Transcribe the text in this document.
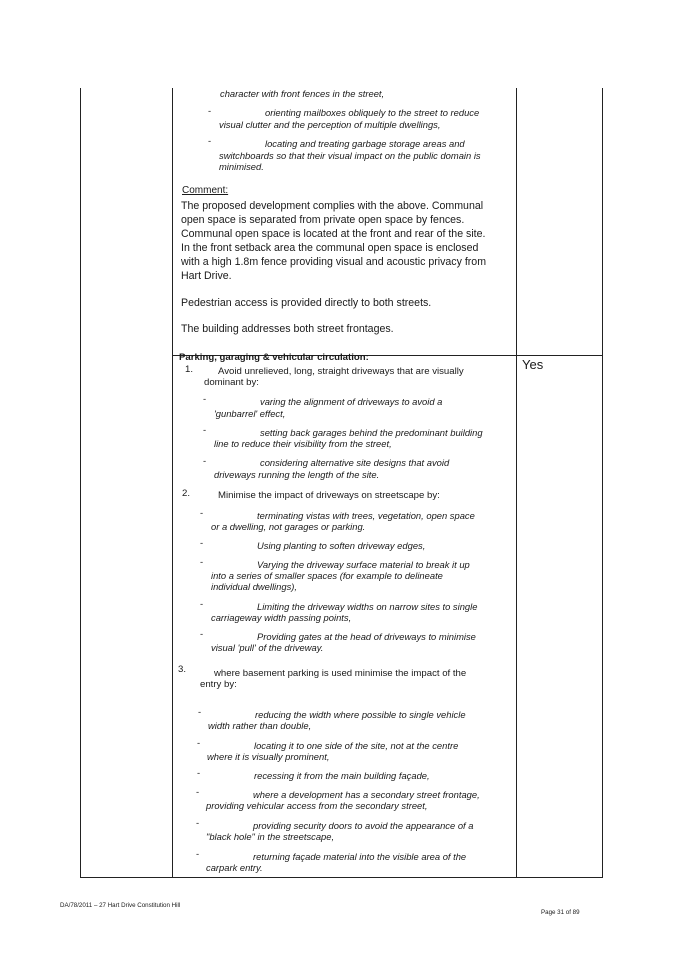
character with front fences in the street,
-	orienting mailboxes obliquely to the street to reduce
visual clutter and the perception of multiple dwellings,
-	locating and treating garbage storage areas and
switchboards so that their visual impact on the public domain is
minimised.
Comment:
The proposed development complies with the above. Communal
open space is separated from private open space by fences.
Communal open space is located at the front and rear of the site.
In the front setback area the communal open space is enclosed
with a high 1.8m fence providing visual and acoustic privacy from
Hart Drive.
Pedestrian access is provided directly to both streets.
The building addresses both street frontages.
Parking, garaging & vehicular circulation:	Yes
1.	Avoid unrelieved, long, straight driveways that are visually
dominant by:
-	varing the alignment of driveways to avoid a
'gunbarrel' effect,
-	setting back garages behind the predominant building
line to reduce their visibility from the street,
-	considering alternative site designs that avoid
driveways running the length of the site.
2.	Minimise the impact of driveways on streetscape by:
-	terminating vistas with trees, vegetation, open space
or a dwelling, not garages or parking.
-	Using planting to soften driveway edges,
-	Varying the driveway surface material to break it up
into a series of smaller spaces (for example to delineate
individual dwellings),
-	Limiting the driveway widths on narrow sites to single
carriageway width passing points,
-	Providing gates at the head of driveways to minimise
visual 'pull' of the driveway.
3.	where basement parking is used minimise the impact of the
entry by:
-	reducing the width where possible to single vehicle
width rather than double,
-	locating it to one side of the site, not at the centre
where it is visually prominent,
-	recessing it from the main building façade,
-	where a development has a secondary street frontage,
providing vehicular access from the secondary street,
-	providing security doors to avoid the appearance of a
"black hole" in the streetscape,
-	returning façade material into the visible area of the
carpark entry.
DA/78/2011 – 27 Hart Drive Constitution Hill
Page 31 of 89
